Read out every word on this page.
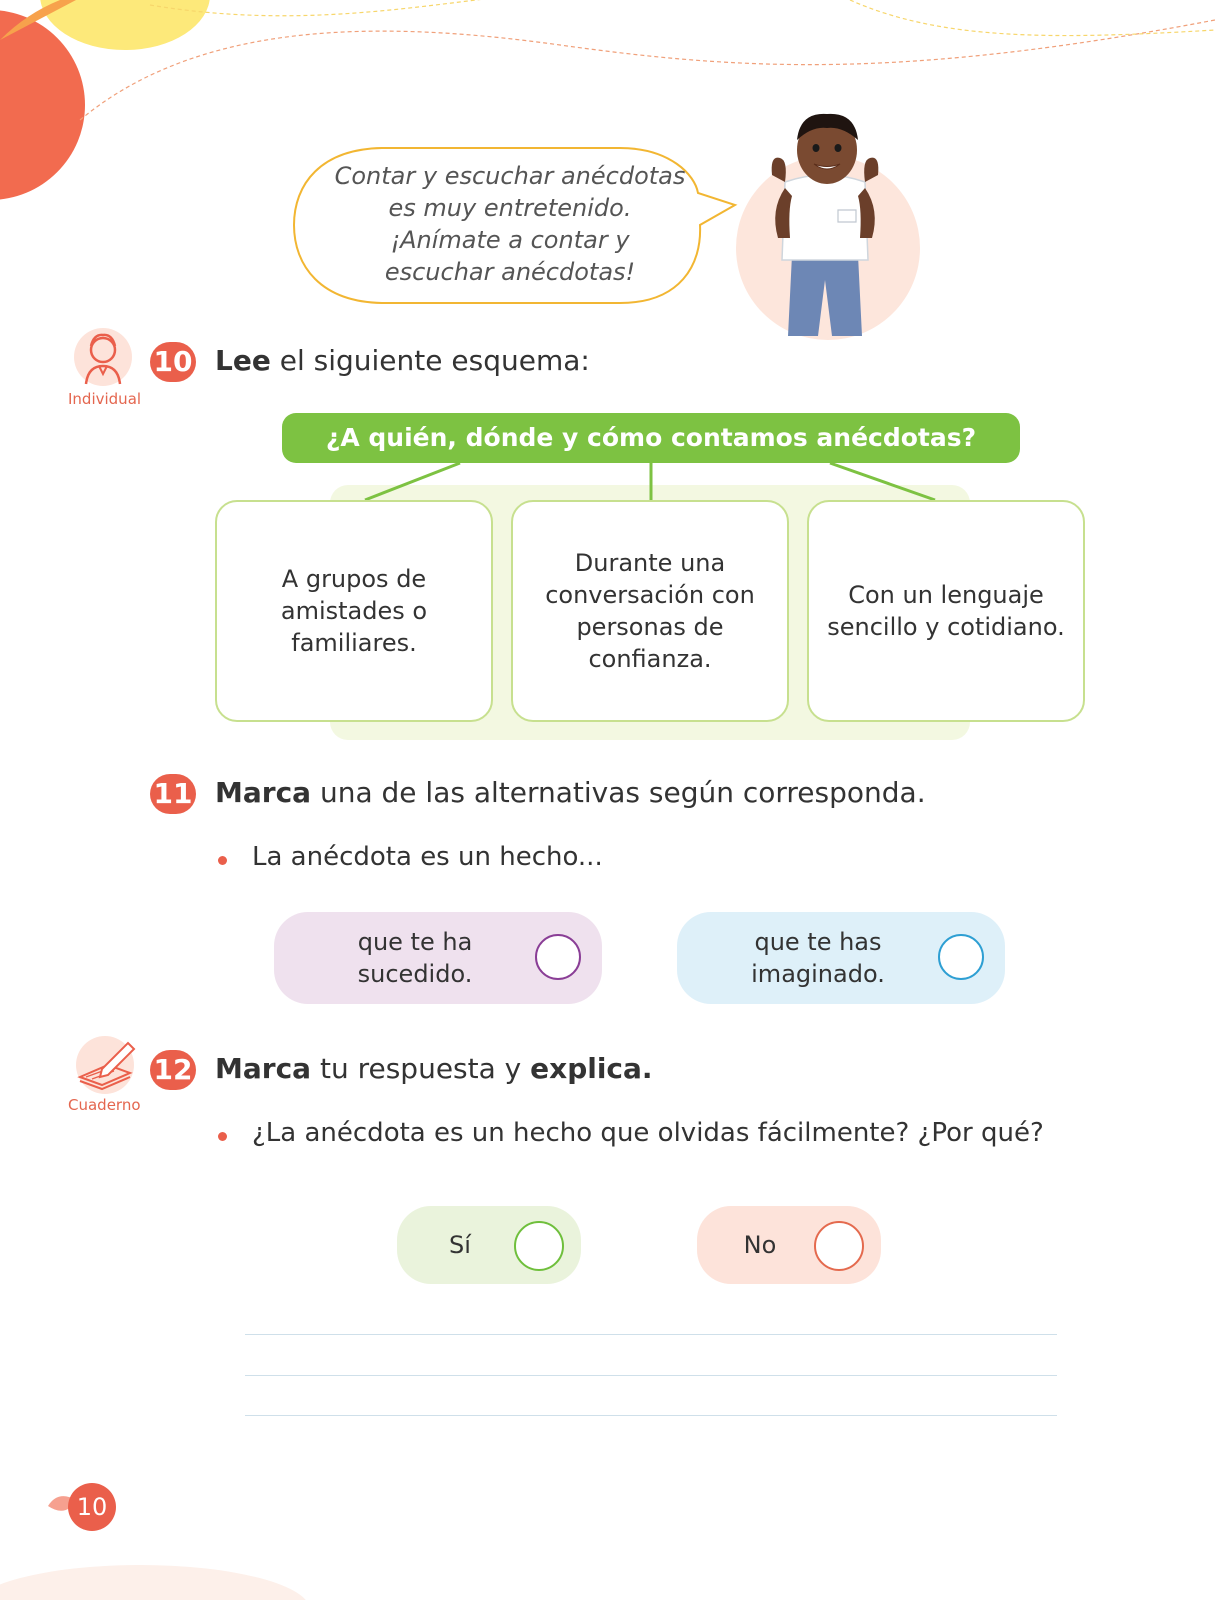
Contar y escuchar anécdotas
es muy entretenido.
¡Anímate a contar y
escuchar anécdotas!
Individual
10 Lee el siguiente esquema:
¿A quién, dónde y cómo contamos anécdotas?
A grupos de amistades o familiares.
Durante una conversación con personas de confianza.
Con un lenguaje sencillo y cotidiano.
11 Marca una de las alternativas según corresponda.
La anécdota es un hecho...
que te ha
sucedido.
que te has
imaginado.
Cuaderno
12 Marca tu respuesta y explica.
¿La anécdota es un hecho que olvidas fácilmente? ¿Por qué?
Sí	No
10
